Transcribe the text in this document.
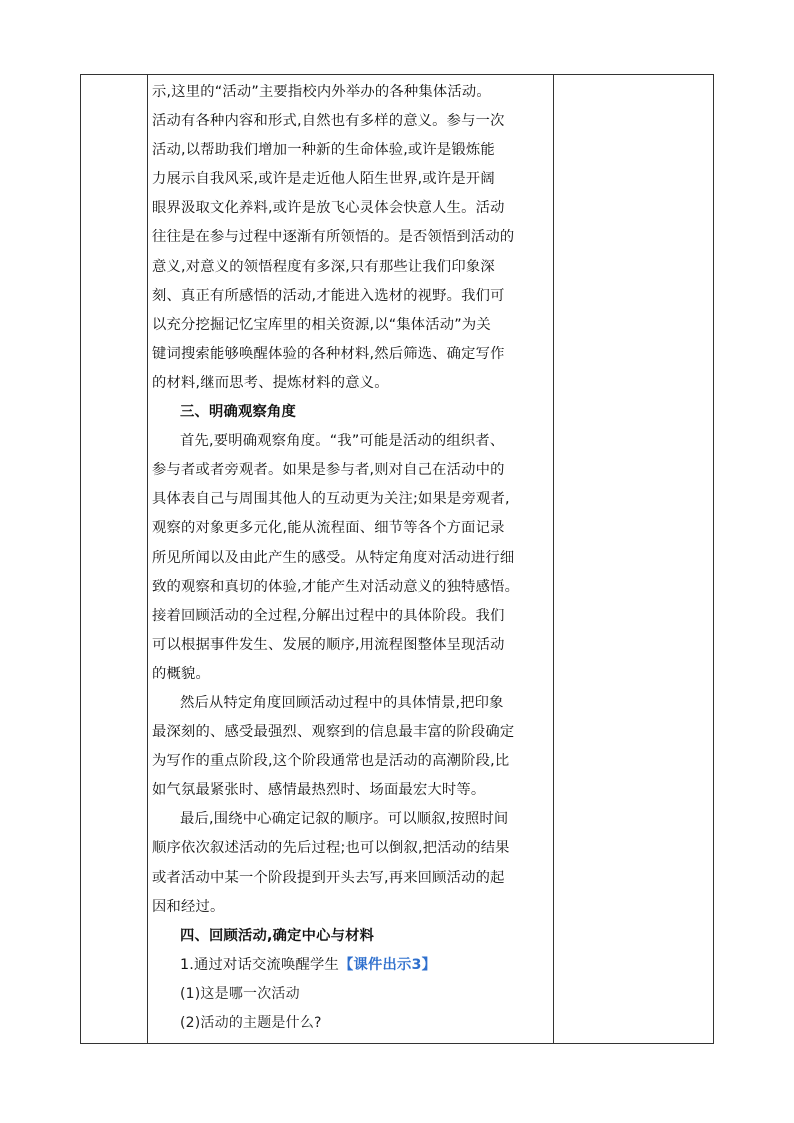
示,这里的“活动”主要指校内外举办的各种集体活动。

活动有各种内容和形式,自然也有多样的意义。参与一次

活动,以帮助我们增加一种新的生命体验,或许是锻炼能

力展示自我风采,或许是走近他人陌生世界,或许是开阔

眼界汲取文化养料,或许是放飞心灵体会快意人生。活动

往往是在参与过程中逐渐有所领悟的。是否领悟到活动的

意义,对意义的领悟程度有多深,只有那些让我们印象深

刻、真正有所感悟的活动,才能进入选材的视野。我们可

以充分挖掘记忆宝库里的相关资源,以“集体活动”为关

键词搜索能够唤醒体验的各种材料,然后筛选、确定写作

的材料,继而思考、提炼材料的意义。

三、明确观察角度

首先,要明确观察角度。“我”可能是活动的组织者、

参与者或者旁观者。如果是参与者,则对自己在活动中的

具体表自己与周围其他人的互动更为关注;如果是旁观者,

观察的对象更多元化,能从流程面、细节等各个方面记录

所见所闻以及由此产生的感受。从特定角度对活动进行细

致的观察和真切的体验,才能产生对活动意义的独特感悟。

接着回顾活动的全过程,分解出过程中的具体阶段。我们

可以根据事件发生、发展的顺序,用流程图整体呈现活动

的概貌。

然后从特定角度回顾活动过程中的具体情景,把印象

最深刻的、感受最强烈、观察到的信息最丰富的阶段确定

为写作的重点阶段,这个阶段通常也是活动的高潮阶段,比

如气氛最紧张时、感情最热烈时、场面最宏大时等。

最后,围绕中心确定记叙的顺序。可以顺叙,按照时间

顺序依次叙述活动的先后过程;也可以倒叙,把活动的结果

或者活动中某一个阶段提到开头去写,再来回顾活动的起

因和经过。

四、回顾活动,确定中心与材料

1.通过对话交流唤醒学生【课件出示3】

(1)这是哪一次活动

(2)活动的主题是什么?
